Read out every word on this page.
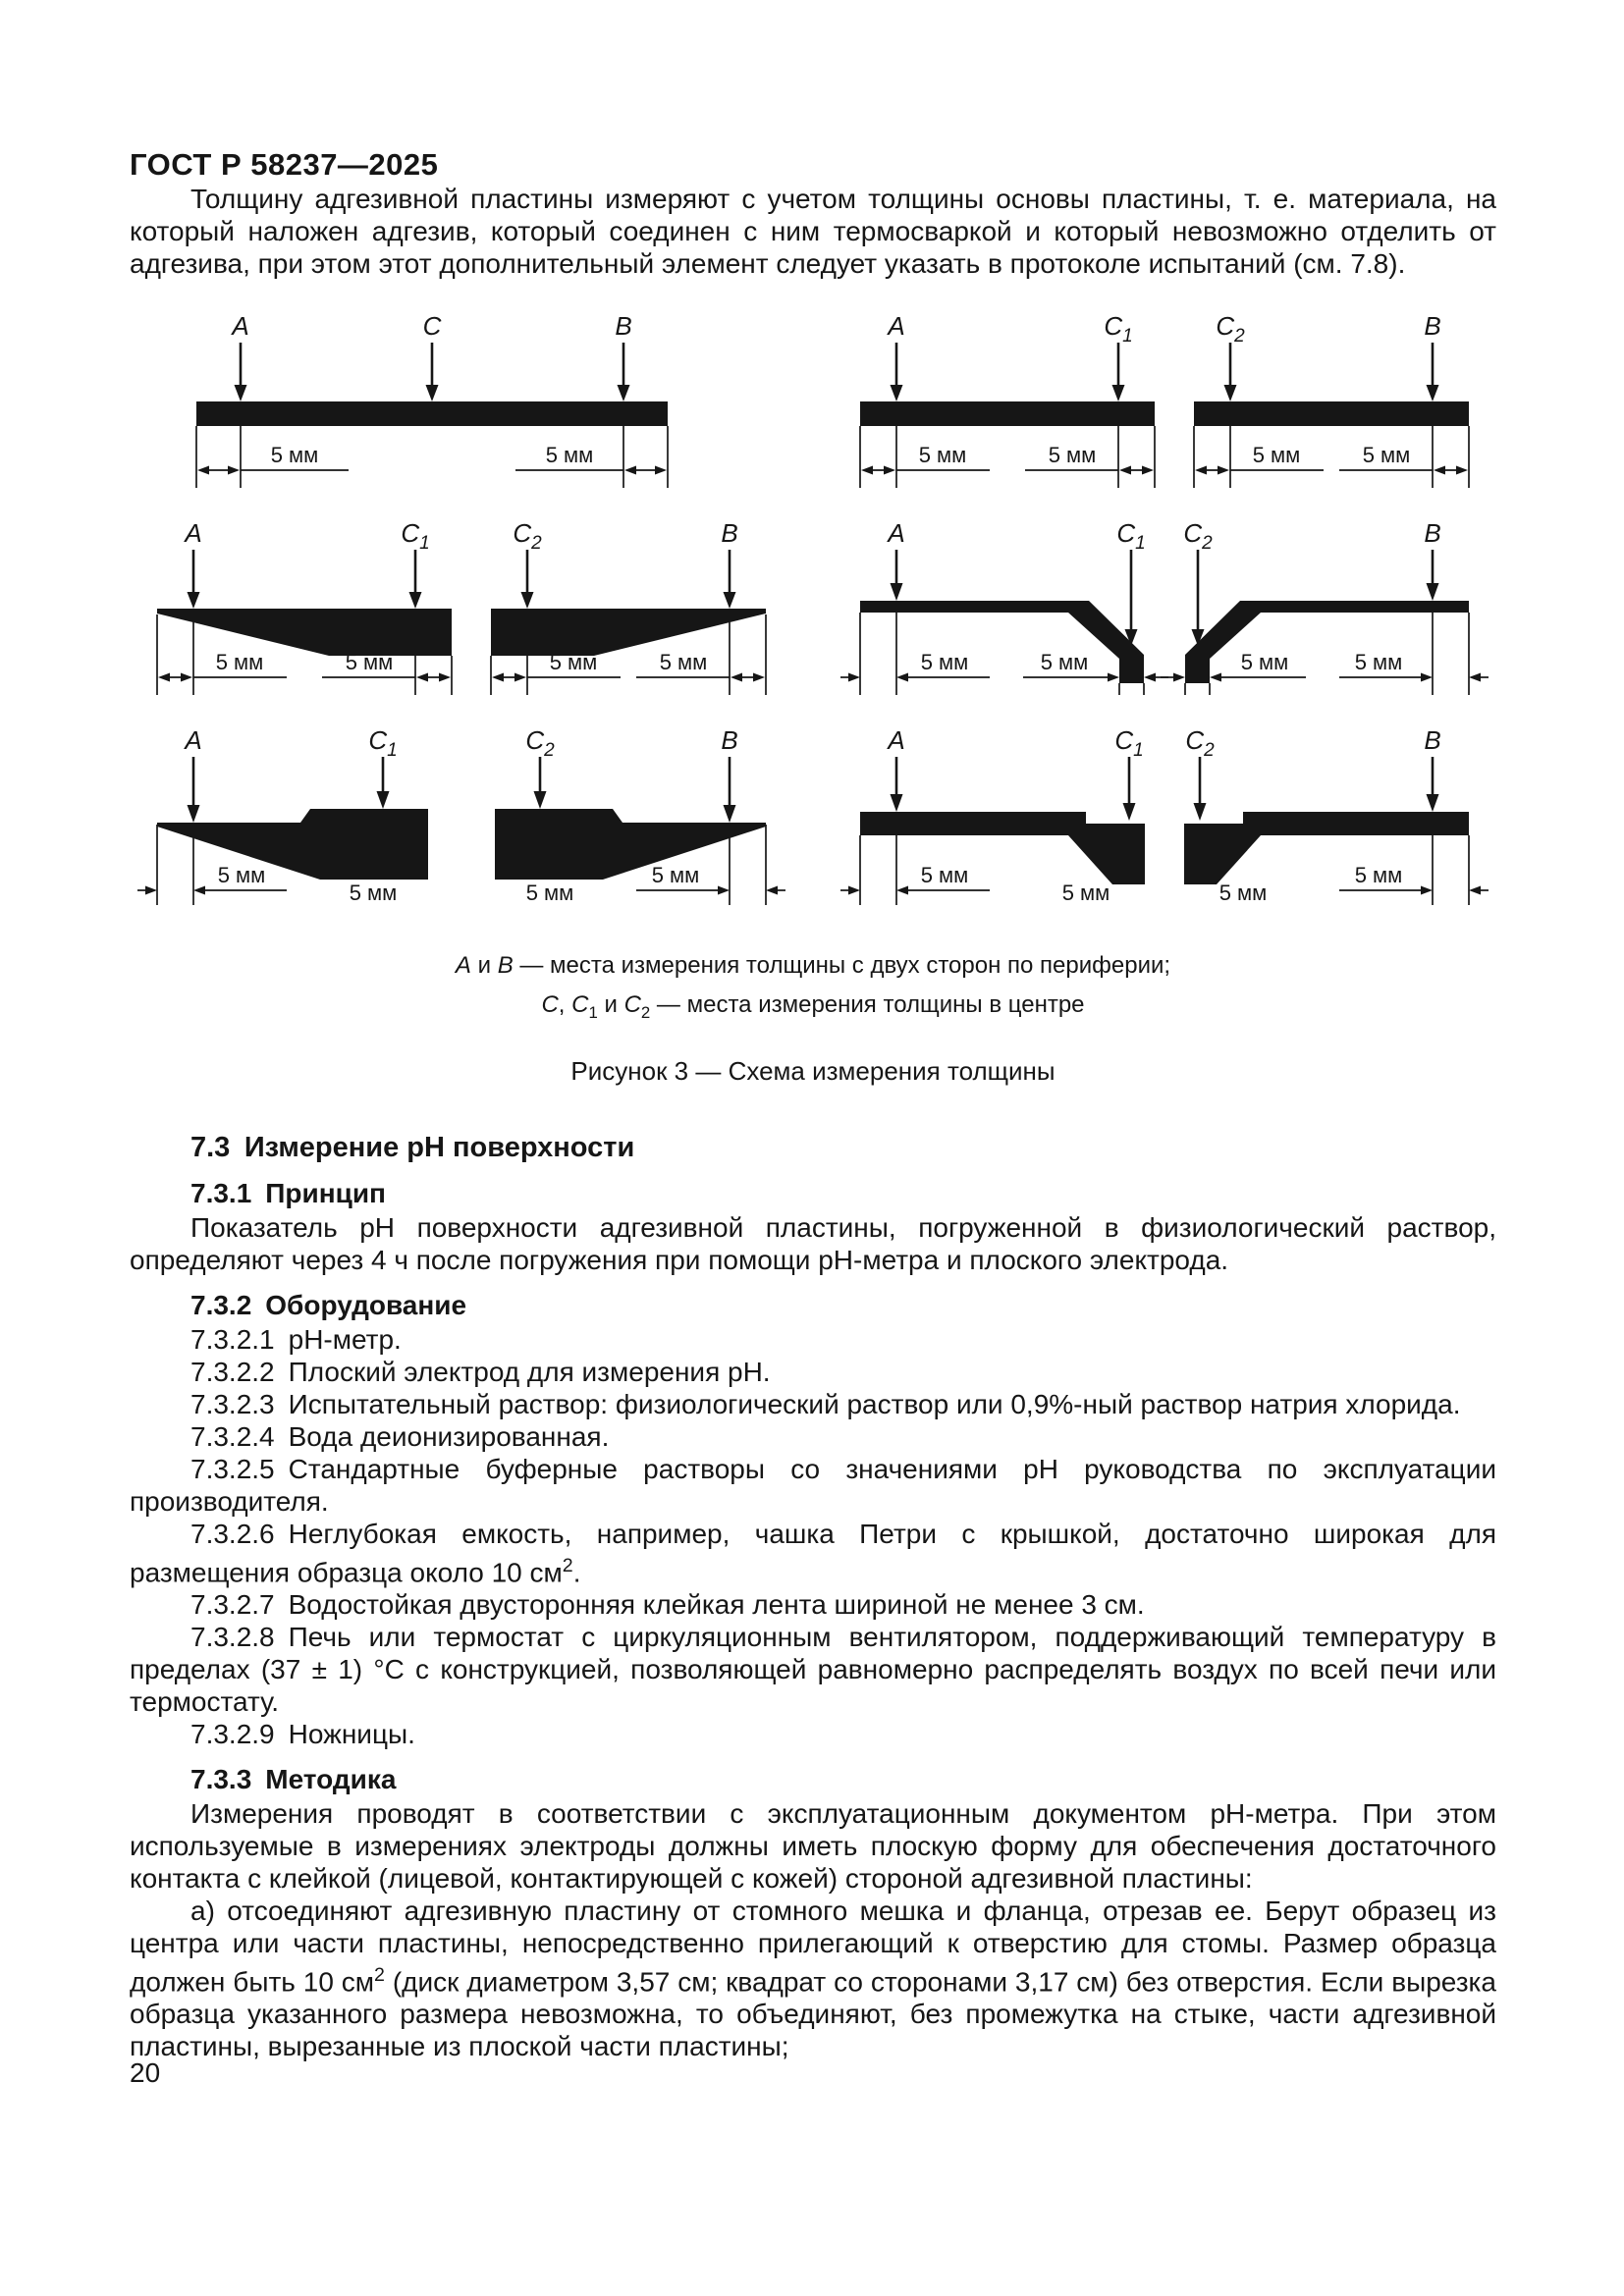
ГОСТ Р 58237—2025

Толщину адгезивной пластины измеряют с учетом толщины основы пластины, т. е. материала, на который наложен адгезив, который соединен с ним термосваркой и который невозможно отделить от адгезива, при этом этот дополнительный элемент следует указать в протоколе испытаний (см. 7.8).

А	С	В
5 мм	5 мм
А	$С_1$	$С_2$	В
5 мм	5 мм	5 мм	5 мм
А	$С_1$	$С_2$	В
5 мм	5 мм	5 мм	5 мм
А	$С_1$ $С_2$	В
5 мм	5 мм	5 мм	5 мм
А	$С_1$	$С_2$	В
5 мм
5 мм	5 мм
5 мм
А	$С_1$ $С_2$	В
5 мм
5 мм	5 мм
5 мм
А и В — места измерения толщины с двух сторон по периферии;
С, $С_1$ и $С_2$ — места измерения толщины в центре
Рисунок 3 — Схема измерения толщины
7.3 Измерение pH поверхности
7.3.1 Принцип

Показатель pH поверхности адгезивной пластины, погруженной в физиологический раствор, определяют через 4 ч после погружения при помощи pH-метра и плоского электрода.

7.3.2 Оборудование

7.3.2.1 pH-метр.

7.3.2.2 Плоский электрод для измерения pH.

7.3.2.3 Испытательный раствор: физиологический раствор или 0,9%-ный раствор натрия хлорида.

7.3.2.4 Вода деионизированная.

7.3.2.5 Стандартные буферные растворы со значениями pH руководства по эксплуатации производителя.

7.3.2.6 Неглубокая емкость, например, чашка Петри с крышкой, достаточно широкая для размещения образца около 10 $см^2$.

7.3.2.7 Водостойкая двусторонняя клейкая лента шириной не менее 3 см.

7.3.2.8 Печь или термостат с циркуляционным вентилятором, поддерживающий температуру в пределах (37 ± 1) °С с конструкцией, позволяющей равномерно распределять воздух по всей печи или термостату.

7.3.2.9 Ножницы.

7.3.3 Методика

Измерения проводят в соответствии с эксплуатационным документом pH-метра. При этом используемые в измерениях электроды должны иметь плоскую форму для обеспечения достаточного контакта с клейкой (лицевой, контактирующей с кожей) стороной адгезивной пластины:

а) отсоединяют адгезивную пластину от стомного мешка и фланца, отрезав ее. Берут образец из центра или части пластины, непосредственно прилегающий к отверстию для стомы. Размер образца должен быть 10 $см^2$ (диск диаметром 3,57 см; квадрат со сторонами 3,17 см) без отверстия. Если вырезка образца указанного размера невозможна, то объединяют, без промежутка на стыке, части адгезивной пластины, вырезанные из плоской части пластины;

20
